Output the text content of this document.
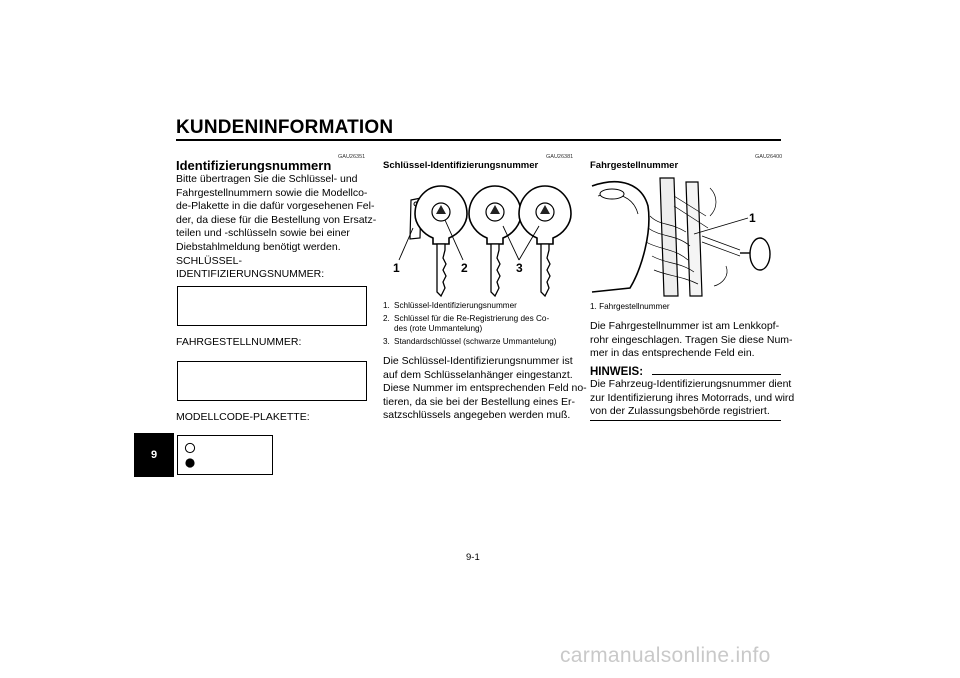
KUNDENINFORMATION
GAU26351
Identifizierungsnummern
Bitte übertragen Sie die Schlüssel- und
Fahrgestellnummern sowie die Modellco-
de-Plakette in die dafür vorgesehenen Fel-
der, da diese für die Bestellung von Ersatz-
teilen und -schlüsseln sowie bei einer
Diebstahlmeldung benötigt werden.
SCHLÜSSEL-
IDENTIFIZIERUNGSNUMMER:
FAHRGESTELLNUMMER:
MODELLCODE-PLAKETTE:
GAU26381
Schlüssel-Identifizierungsnummer
1	2	3
1. Schlüssel-Identifizierungsnummer
2. Schlüssel für die Re-Registrierung des Co-
des (rote Ummantelung)
3. Standardschlüssel (schwarze Ummantelung)
Die Schlüssel-Identifizierungsnummer ist
auf dem Schlüsselanhänger eingestanzt.
Diese Nummer im entsprechenden Feld no-
tieren, da sie bei der Bestellung eines Er-
satzschlüssels angegeben werden muß.
GAU26400
Fahrgestellnummer
1
1. Fahrgestellnummer
Die Fahrgestellnummer ist am Lenkkopf-
rohr eingeschlagen. Tragen Sie diese Num-
mer in das entsprechende Feld ein.
HINWEIS:
Die Fahrzeug-Identifizierungsnummer dient
zur Identifizierung ihres Motorrads, und wird
von der Zulassungsbehörde registriert.
9
9-1
carmanualsonline.info
